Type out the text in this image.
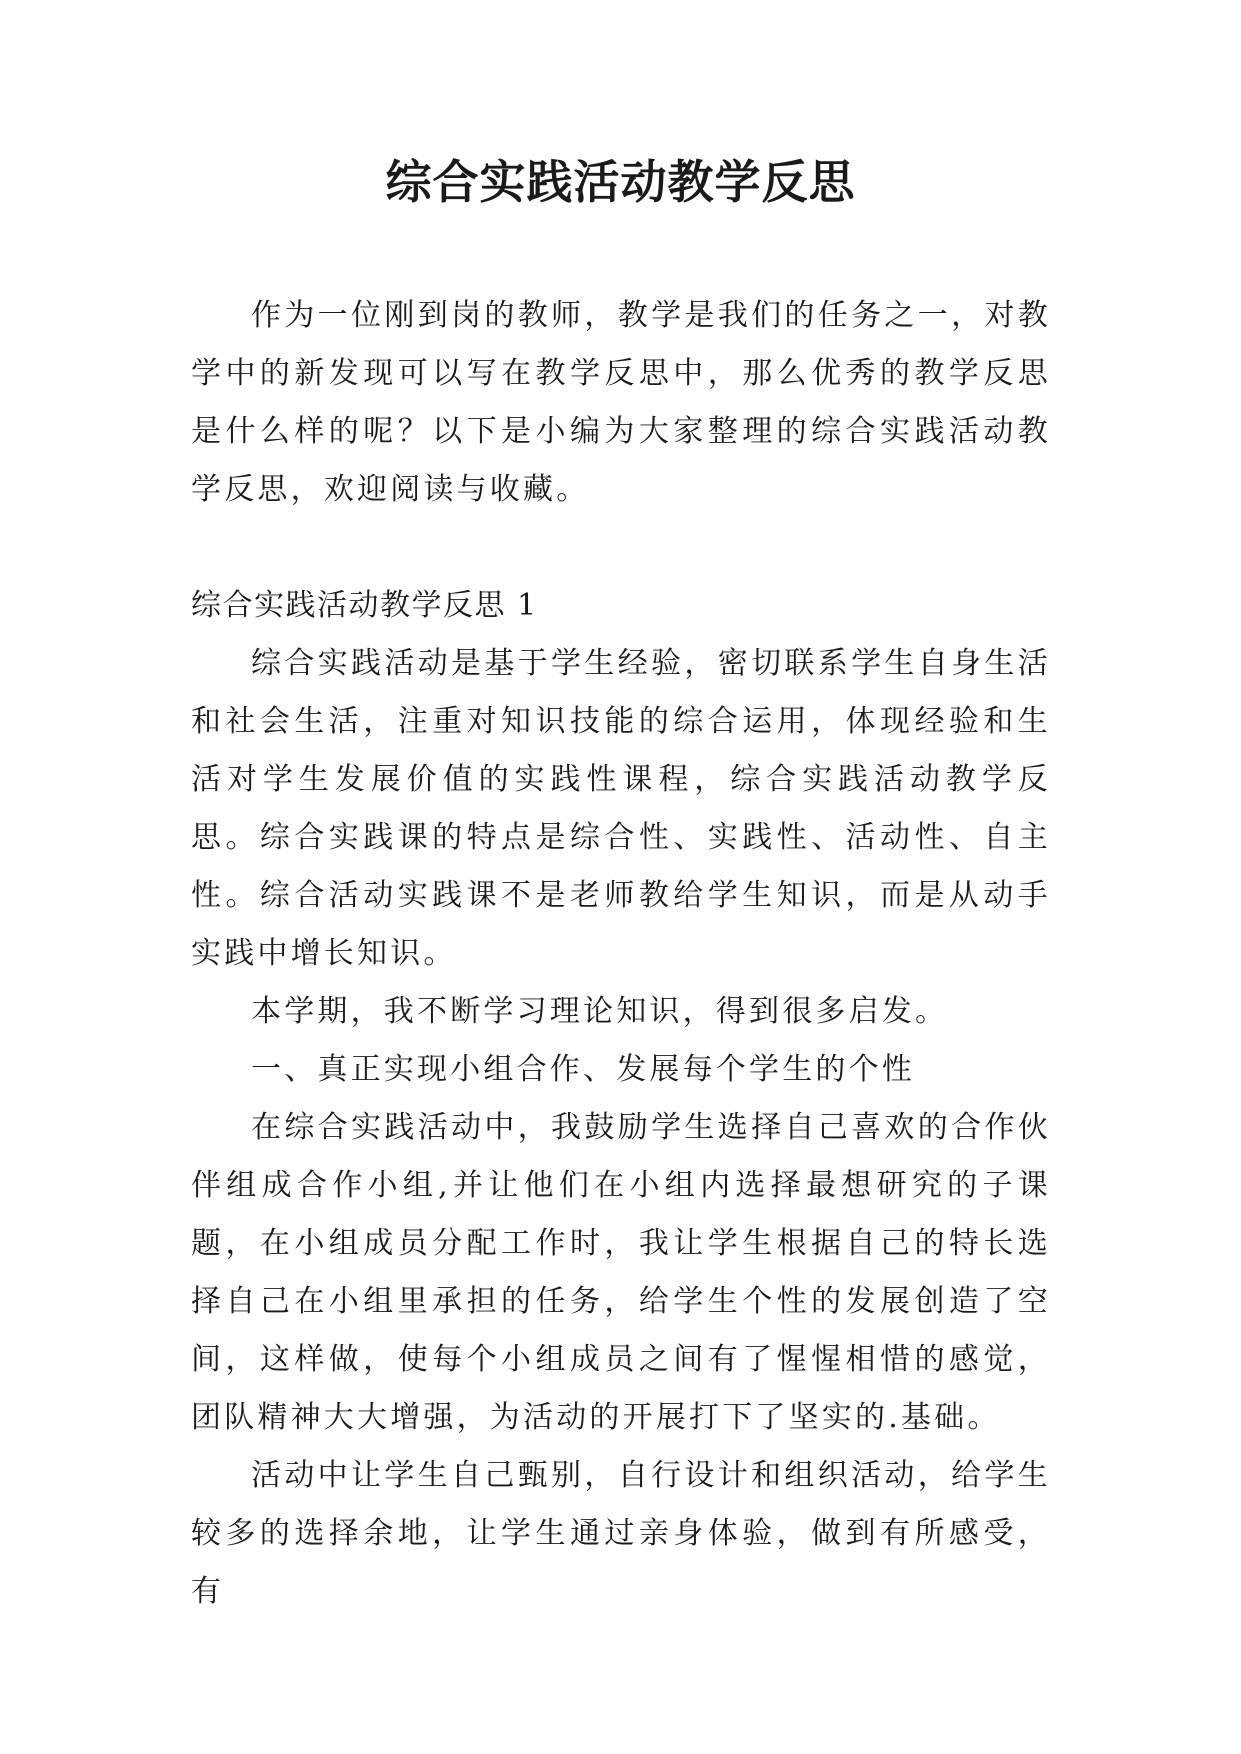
综合实践活动教学反思

作为一位刚到岗的教师，教学是我们的任务之一，对教学中的新发现可以写在教学反思中，那么优秀的教学反思是什么样的呢？以下是小编为大家整理的综合实践活动教学反思，欢迎阅读与收藏。

综合实践活动教学反思 1

综合实践活动是基于学生经验，密切联系学生自身生活和社会生活，注重对知识技能的综合运用，体现经验和生活对学生发展价值的实践性课程，综合实践活动教学反思。综合实践课的特点是综合性、实践性、活动性、自主性。综合活动实践课不是老师教给学生知识，而是从动手实践中增长知识。

本学期，我不断学习理论知识，得到很多启发。

一、真正实现小组合作、发展每个学生的个性

在综合实践活动中，我鼓励学生选择自己喜欢的合作伙伴组成合作小组,并让他们在小组内选择最想研究的子课题，在小组成员分配工作时，我让学生根据自己的特长选择自己在小组里承担的任务，给学生个性的发展创造了空间，这样做，使每个小组成员之间有了惺惺相惜的感觉，团队精神大大增强，为活动的开展打下了坚实的.基础。

活动中让学生自己甄别，自行设计和组织活动，给学生较多的选择余地，让学生通过亲身体验，做到有所感受，有
